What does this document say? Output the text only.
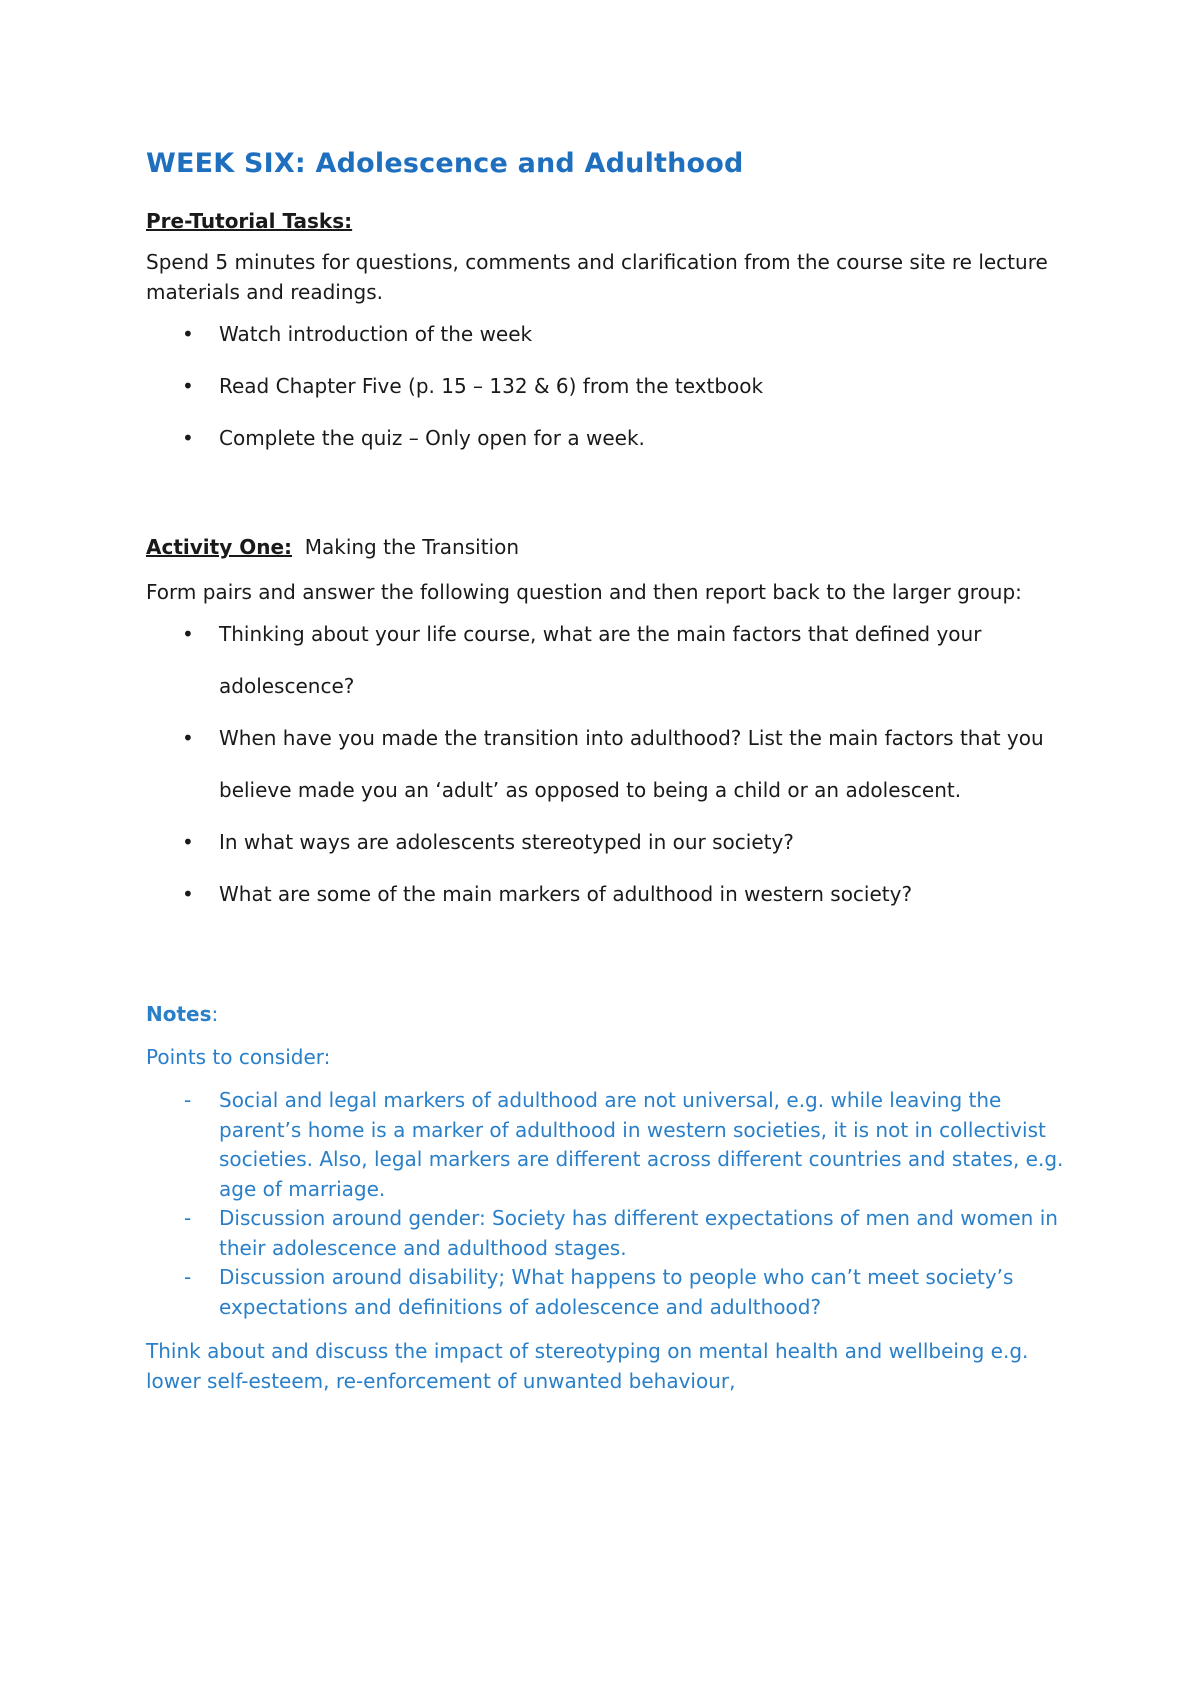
WEEK SIX: Adolescence and Adulthood

Pre-Tutorial Tasks:

Spend 5 minutes for questions, comments and clarification from the course site re lecture materials and readings.

• Watch introduction of the week
• Read Chapter Five (p. 15 – 132 & 6) from the textbook
• Complete the quiz – Only open for a week.

Activity One: Making the Transition

Form pairs and answer the following question and then report back to the larger group:

• Thinking about your life course, what are the main factors that defined your adolescence?
• When have you made the transition into adulthood? List the main factors that you believe made you an ‘adult’ as opposed to being a child or an adolescent.
• In what ways are adolescents stereotyped in our society?
• What are some of the main markers of adulthood in western society?

Notes:

Points to consider:

- Social and legal markers of adulthood are not universal, e.g. while leaving the parent’s home is a marker of adulthood in western societies, it is not in collectivist societies. Also, legal markers are different across different countries and states, e.g. age of marriage.
- Discussion around gender: Society has different expectations of men and women in their adolescence and adulthood stages.
- Discussion around disability; What happens to people who can’t meet society’s expectations and definitions of adolescence and adulthood?

Think about and discuss the impact of stereotyping on mental health and wellbeing e.g. lower self-esteem, re-enforcement of unwanted behaviour,
